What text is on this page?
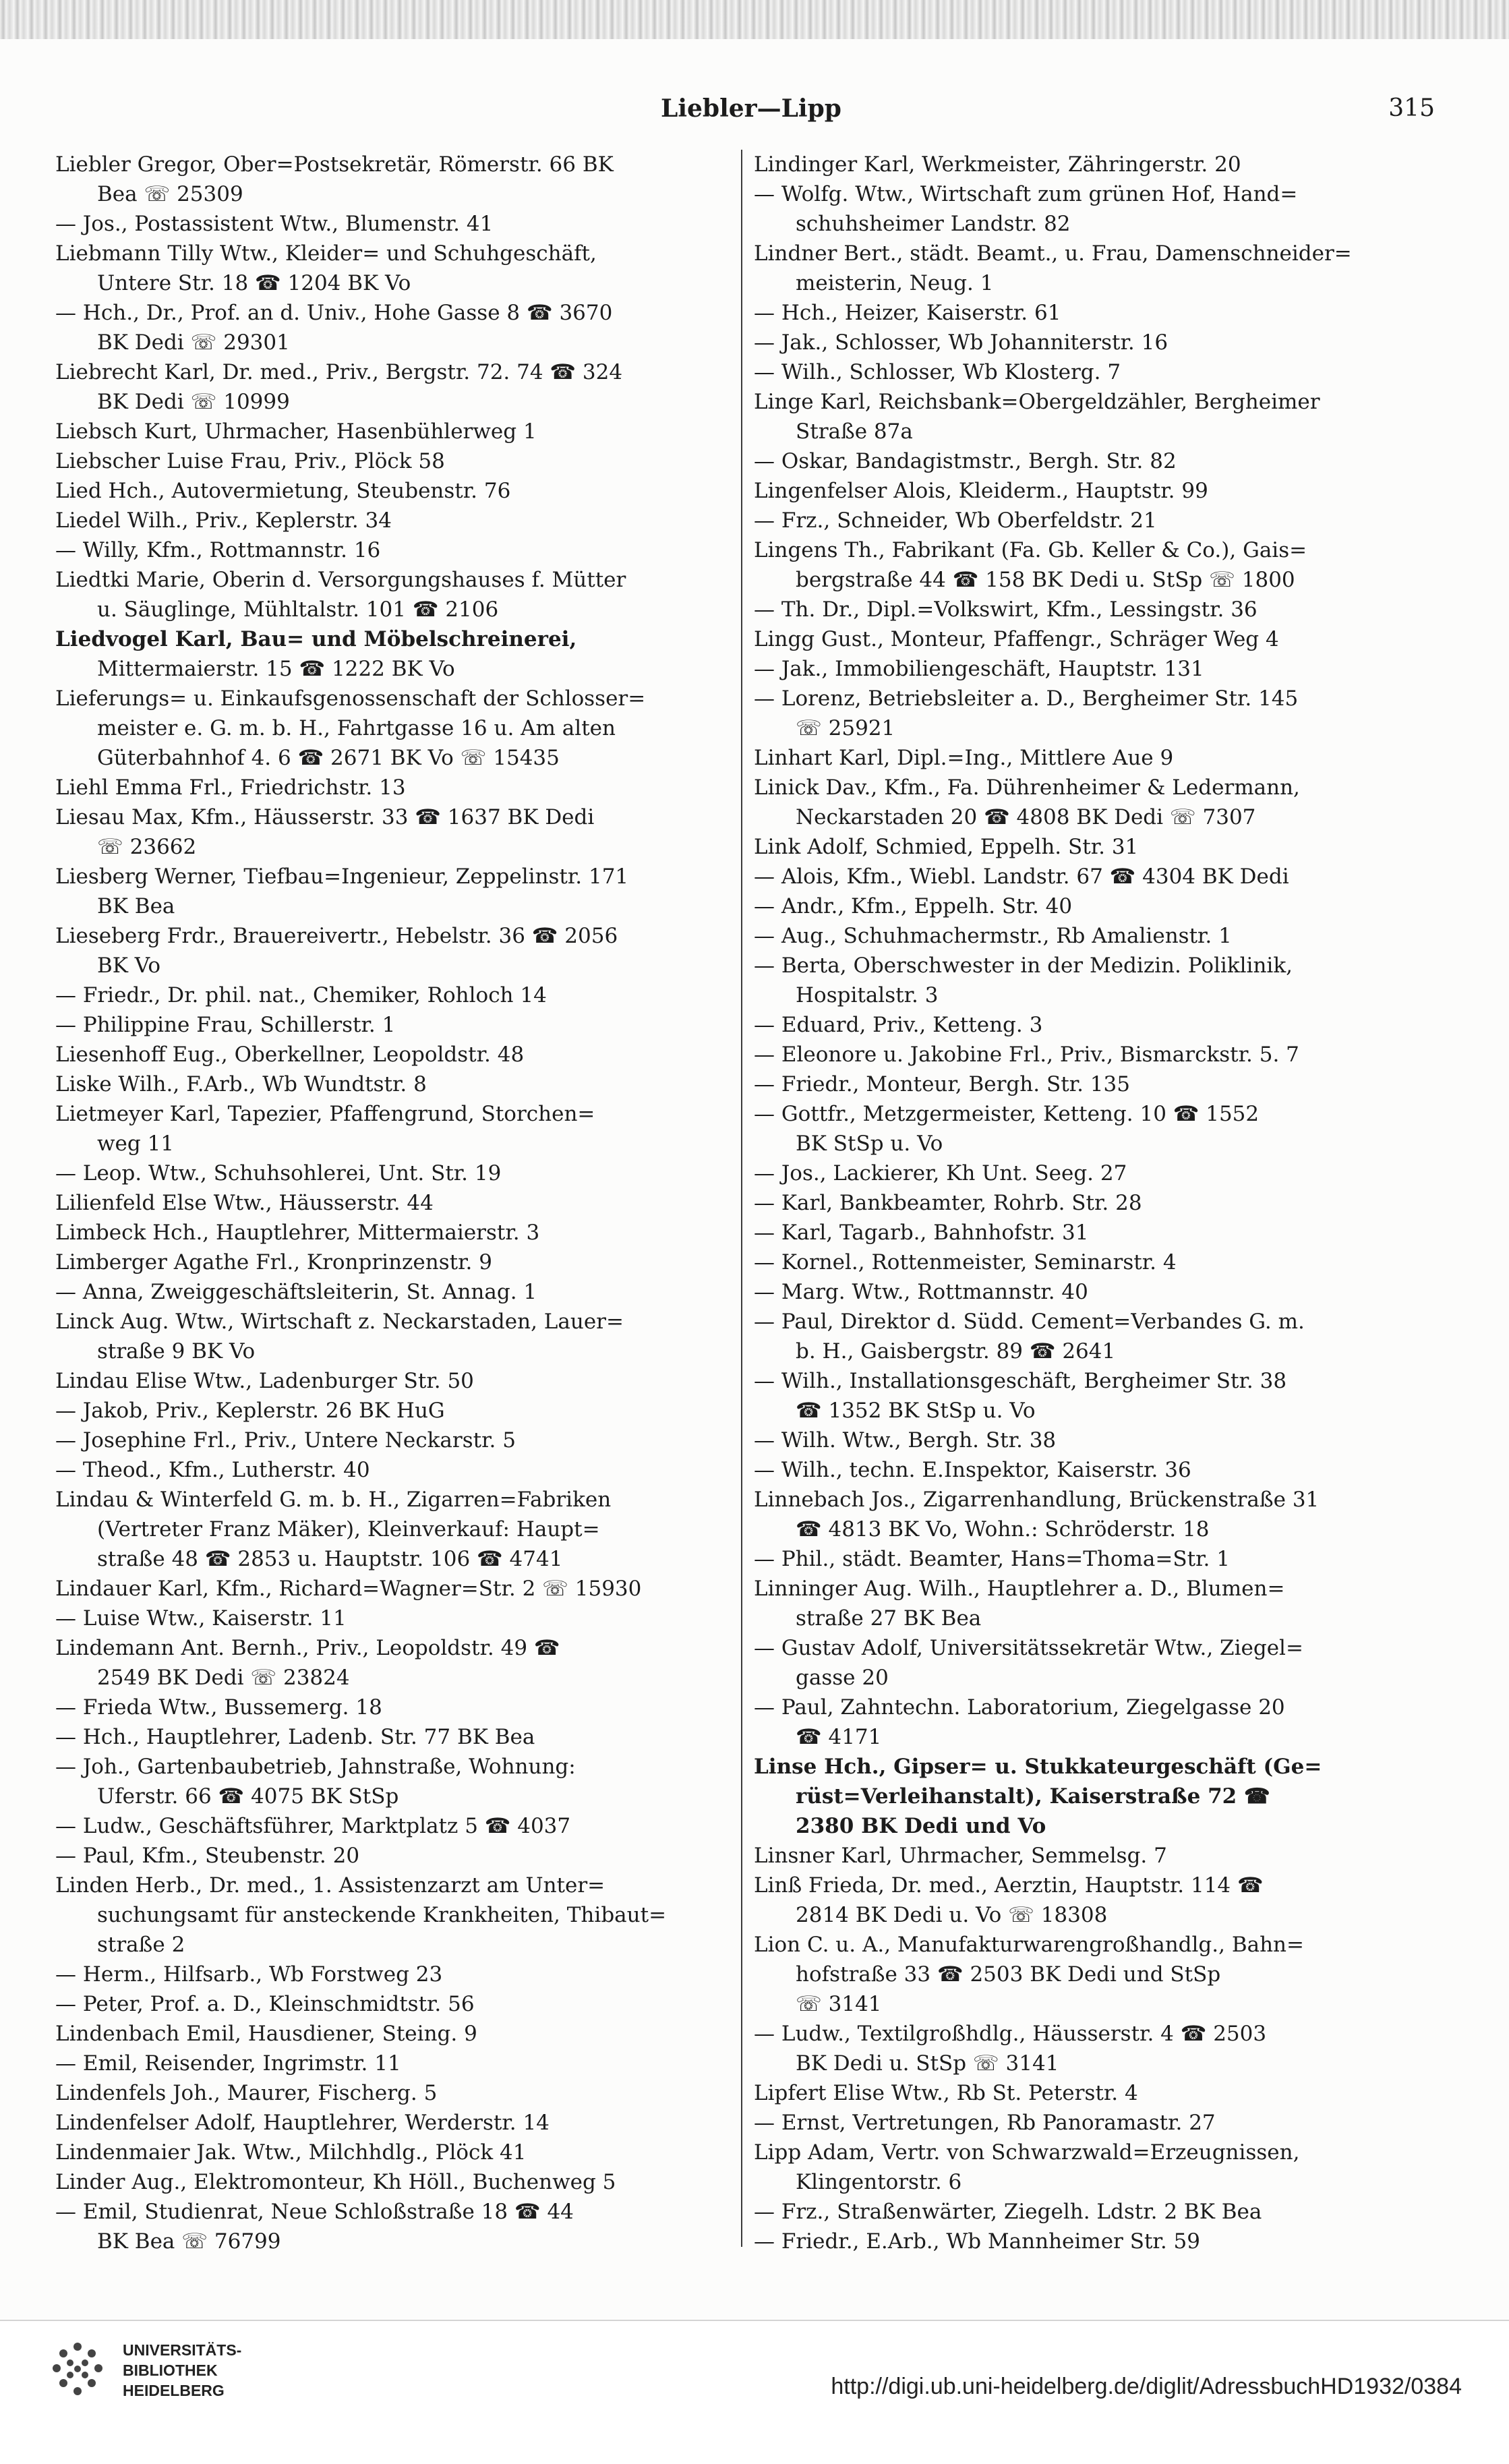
Liebler—Lipp	315
Liebler Gregor, Ober=Postsekretär, Römerstr. 66 BK
Bea ☏ 25309
— Jos., Postassistent Wtw., Blumenstr. 41
Liebmann Tilly Wtw., Kleider= und Schuhgeschäft,
Untere Str. 18 ☎ 1204 BK Vo
— Hch., Dr., Prof. an d. Univ., Hohe Gasse 8 ☎ 3670
BK Dedi ☏ 29301
Liebrecht Karl, Dr. med., Priv., Bergstr. 72. 74 ☎ 324
BK Dedi ☏ 10999
Liebsch Kurt, Uhrmacher, Hasenbühlerweg 1
Liebscher Luise Frau, Priv., Plöck 58
Lied Hch., Autovermietung, Steubenstr. 76
Liedel Wilh., Priv., Keplerstr. 34
— Willy, Kfm., Rottmannstr. 16
Liedtki Marie, Oberin d. Versorgungshauses f. Mütter
u. Säuglinge, Mühltalstr. 101 ☎ 2106
Liedvogel Karl, Bau= und Möbelschreinerei,
Mittermaierstr. 15 ☎ 1222 BK Vo
Lieferungs= u. Einkaufsgenossenschaft der Schlosser=
meister e. G. m. b. H., Fahrtgasse 16 u. Am alten
Güterbahnhof 4. 6 ☎ 2671 BK Vo ☏ 15435
Liehl Emma Frl., Friedrichstr. 13
Liesau Max, Kfm., Häusserstr. 33 ☎ 1637 BK Dedi
☏ 23662
Liesberg Werner, Tiefbau=Ingenieur, Zeppelinstr. 171
BK Bea
Lieseberg Frdr., Brauereivertr., Hebelstr. 36 ☎ 2056
BK Vo
— Friedr., Dr. phil. nat., Chemiker, Rohloch 14
— Philippine Frau, Schillerstr. 1
Liesenhoff Eug., Oberkellner, Leopoldstr. 48
Liske Wilh., F.Arb., Wb Wundtstr. 8
Lietmeyer Karl, Tapezier, Pfaffengrund, Storchen=
weg 11
— Leop. Wtw., Schuhsohlerei, Unt. Str. 19
Lilienfeld Else Wtw., Häusserstr. 44
Limbeck Hch., Hauptlehrer, Mittermaierstr. 3
Limberger Agathe Frl., Kronprinzenstr. 9
— Anna, Zweiggeschäftsleiterin, St. Annag. 1
Linck Aug. Wtw., Wirtschaft z. Neckarstaden, Lauer=
straße 9 BK Vo
Lindau Elise Wtw., Ladenburger Str. 50
— Jakob, Priv., Keplerstr. 26 BK HuG
— Josephine Frl., Priv., Untere Neckarstr. 5
— Theod., Kfm., Lutherstr. 40
Lindau & Winterfeld G. m. b. H., Zigarren=Fabriken
(Vertreter Franz Mäker), Kleinverkauf: Haupt=
straße 48 ☎ 2853 u. Hauptstr. 106 ☎ 4741
Lindauer Karl, Kfm., Richard=Wagner=Str. 2 ☏ 15930
— Luise Wtw., Kaiserstr. 11
Lindemann Ant. Bernh., Priv., Leopoldstr. 49 ☎
2549 BK Dedi ☏ 23824
— Frieda Wtw., Bussemerg. 18
— Hch., Hauptlehrer, Ladenb. Str. 77 BK Bea
— Joh., Gartenbaubetrieb, Jahnstraße, Wohnung:
Uferstr. 66 ☎ 4075 BK StSp
— Ludw., Geschäftsführer, Marktplatz 5 ☎ 4037
— Paul, Kfm., Steubenstr. 20
Linden Herb., Dr. med., 1. Assistenzarzt am Unter=
suchungsamt für ansteckende Krankheiten, Thibaut=
straße 2
— Herm., Hilfsarb., Wb Forstweg 23
— Peter, Prof. a. D., Kleinschmidtstr. 56
Lindenbach Emil, Hausdiener, Steing. 9
— Emil, Reisender, Ingrimstr. 11
Lindenfels Joh., Maurer, Fischerg. 5
Lindenfelser Adolf, Hauptlehrer, Werderstr. 14
Lindenmaier Jak. Wtw., Milchhdlg., Plöck 41
Linder Aug., Elektromonteur, Kh Höll., Buchenweg 5
— Emil, Studienrat, Neue Schloßstraße 18 ☎ 44
BK Bea ☏ 76799
Lindinger Karl, Werkmeister, Zähringerstr. 20
— Wolfg. Wtw., Wirtschaft zum grünen Hof, Hand=
schuhsheimer Landstr. 82
Lindner Bert., städt. Beamt., u. Frau, Damenschneider=
meisterin, Neug. 1
— Hch., Heizer, Kaiserstr. 61
— Jak., Schlosser, Wb Johanniterstr. 16
— Wilh., Schlosser, Wb Klosterg. 7
Linge Karl, Reichsbank=Obergeldzähler, Bergheimer
Straße 87a
— Oskar, Bandagistmstr., Bergh. Str. 82
Lingenfelser Alois, Kleiderm., Hauptstr. 99
— Frz., Schneider, Wb Oberfeldstr. 21
Lingens Th., Fabrikant (Fa. Gb. Keller & Co.), Gais=
bergstraße 44 ☎ 158 BK Dedi u. StSp ☏ 1800
— Th. Dr., Dipl.=Volkswirt, Kfm., Lessingstr. 36
Lingg Gust., Monteur, Pfaffengr., Schräger Weg 4
— Jak., Immobiliengeschäft, Hauptstr. 131
— Lorenz, Betriebsleiter a. D., Bergheimer Str. 145
☏ 25921
Linhart Karl, Dipl.=Ing., Mittlere Aue 9
Linick Dav., Kfm., Fa. Dührenheimer & Ledermann,
Neckarstaden 20 ☎ 4808 BK Dedi ☏ 7307
Link Adolf, Schmied, Eppelh. Str. 31
— Alois, Kfm., Wiebl. Landstr. 67 ☎ 4304 BK Dedi
— Andr., Kfm., Eppelh. Str. 40
— Aug., Schuhmachermstr., Rb Amalienstr. 1
— Berta, Oberschwester in der Medizin. Poliklinik,
Hospitalstr. 3
— Eduard, Priv., Ketteng. 3
— Eleonore u. Jakobine Frl., Priv., Bismarckstr. 5. 7
— Friedr., Monteur, Bergh. Str. 135
— Gottfr., Metzgermeister, Ketteng. 10 ☎ 1552
BK StSp u. Vo
— Jos., Lackierer, Kh Unt. Seeg. 27
— Karl, Bankbeamter, Rohrb. Str. 28
— Karl, Tagarb., Bahnhofstr. 31
— Kornel., Rottenmeister, Seminarstr. 4
— Marg. Wtw., Rottmannstr. 40
— Paul, Direktor d. Südd. Cement=Verbandes G. m.
b. H., Gaisbergstr. 89 ☎ 2641
— Wilh., Installationsgeschäft, Bergheimer Str. 38
☎ 1352 BK StSp u. Vo
— Wilh. Wtw., Bergh. Str. 38
— Wilh., techn. E.Inspektor, Kaiserstr. 36
Linnebach Jos., Zigarrenhandlung, Brückenstraße 31
☎ 4813 BK Vo, Wohn.: Schröderstr. 18
— Phil., städt. Beamter, Hans=Thoma=Str. 1
Linninger Aug. Wilh., Hauptlehrer a. D., Blumen=
straße 27 BK Bea
— Gustav Adolf, Universitätssekretär Wtw., Ziegel=
gasse 20
— Paul, Zahntechn. Laboratorium, Ziegelgasse 20
☎ 4171
Linse Hch., Gipser= u. Stukkateurgeschäft (Ge=
rüst=Verleihanstalt), Kaiserstraße 72 ☎
2380 BK Dedi und Vo
Linsner Karl, Uhrmacher, Semmelsg. 7
Linß Frieda, Dr. med., Aerztin, Hauptstr. 114 ☎
2814 BK Dedi u. Vo ☏ 18308
Lion C. u. A., Manufakturwarengroßhandlg., Bahn=
hofstraße 33 ☎ 2503 BK Dedi und StSp
☏ 3141
— Ludw., Textilgroßhdlg., Häusserstr. 4 ☎ 2503
BK Dedi u. StSp ☏ 3141
Lipfert Elise Wtw., Rb St. Peterstr. 4
— Ernst, Vertretungen, Rb Panoramastr. 27
Lipp Adam, Vertr. von Schwarzwald=Erzeugnissen,
Klingentorstr. 6
— Frz., Straßenwärter, Ziegelh. Ldstr. 2 BK Bea
— Friedr., E.Arb., Wb Mannheimer Str. 59
UNIVERSITÄTS-
BIBLIOTHEK
HEIDELBERG	http://digi.ub.uni-heidelberg.de/diglit/AdressbuchHD1932/0384
